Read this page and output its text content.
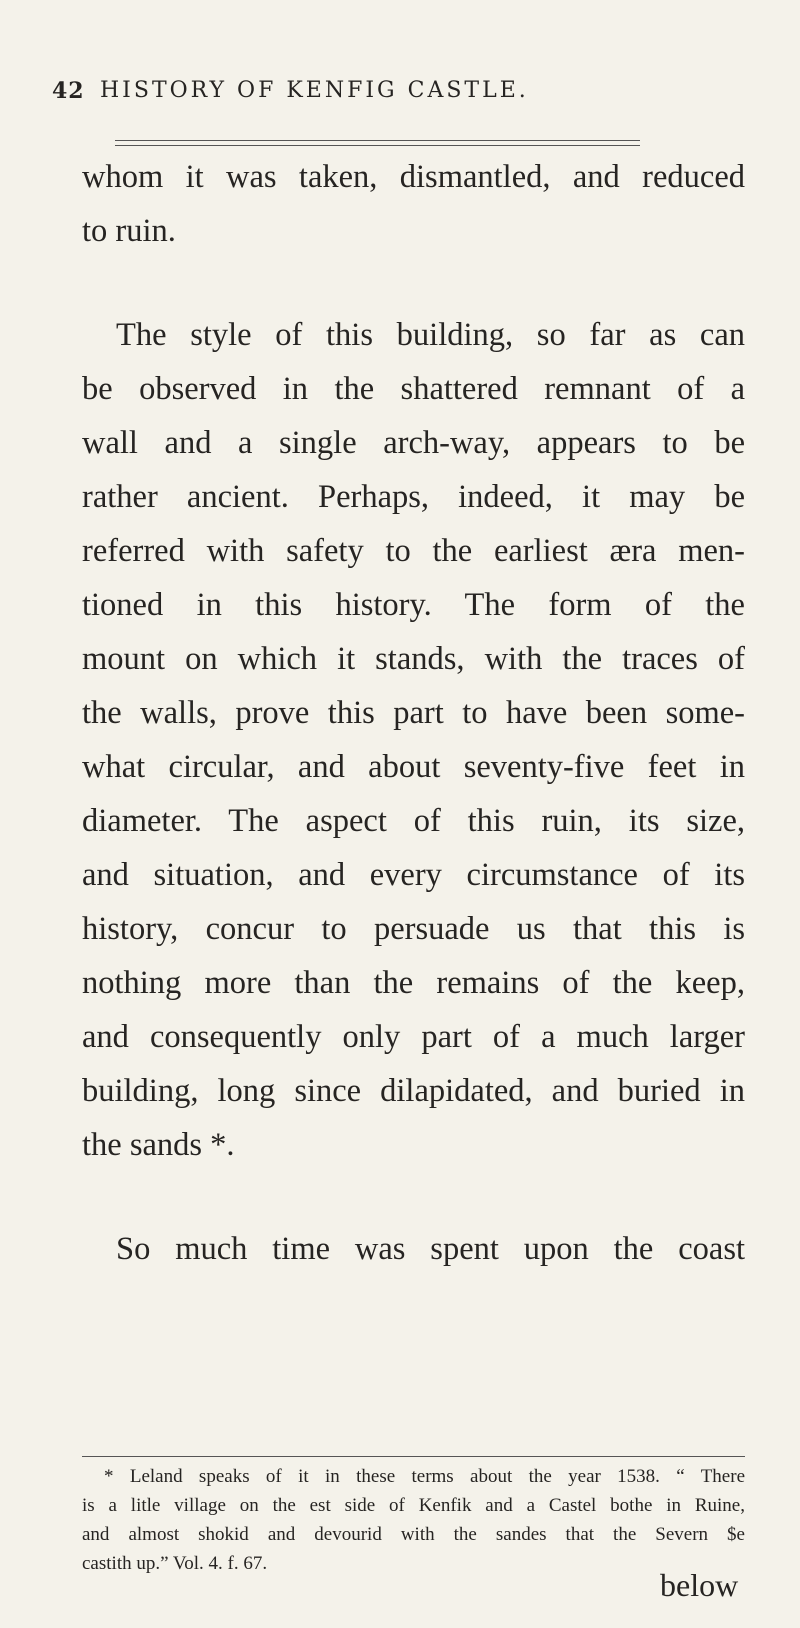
42 HISTORY OF KENFIG CASTLE.
whom it was taken, dismantled, and reduced
to ruin.
The style of this building, so far as can
be observed in the shattered remnant of a
wall and a single arch-way, appears to be
rather ancient. Perhaps, indeed, it may be
referred with safety to the earliest æra men-
tioned in this history. The form of the
mount on which it stands, with the traces of
the walls, prove this part to have been some-
what circular, and about seventy-five feet in
diameter. The aspect of this ruin, its size,
and situation, and every circumstance of its
history, concur to persuade us that this is
nothing more than the remains of the keep,
and consequently only part of a much larger
building, long since dilapidated, and buried in
the sands *.
So much time was spent upon the coast
* Leland speaks of it in these terms about the year 1538. “ There
is a litle village on the est side of Kenfik and a Castel bothe in Ruine,
and almost shokid and devourid with the sandes that the Severn $e
castith up.” Vol. 4. f. 67.
below
